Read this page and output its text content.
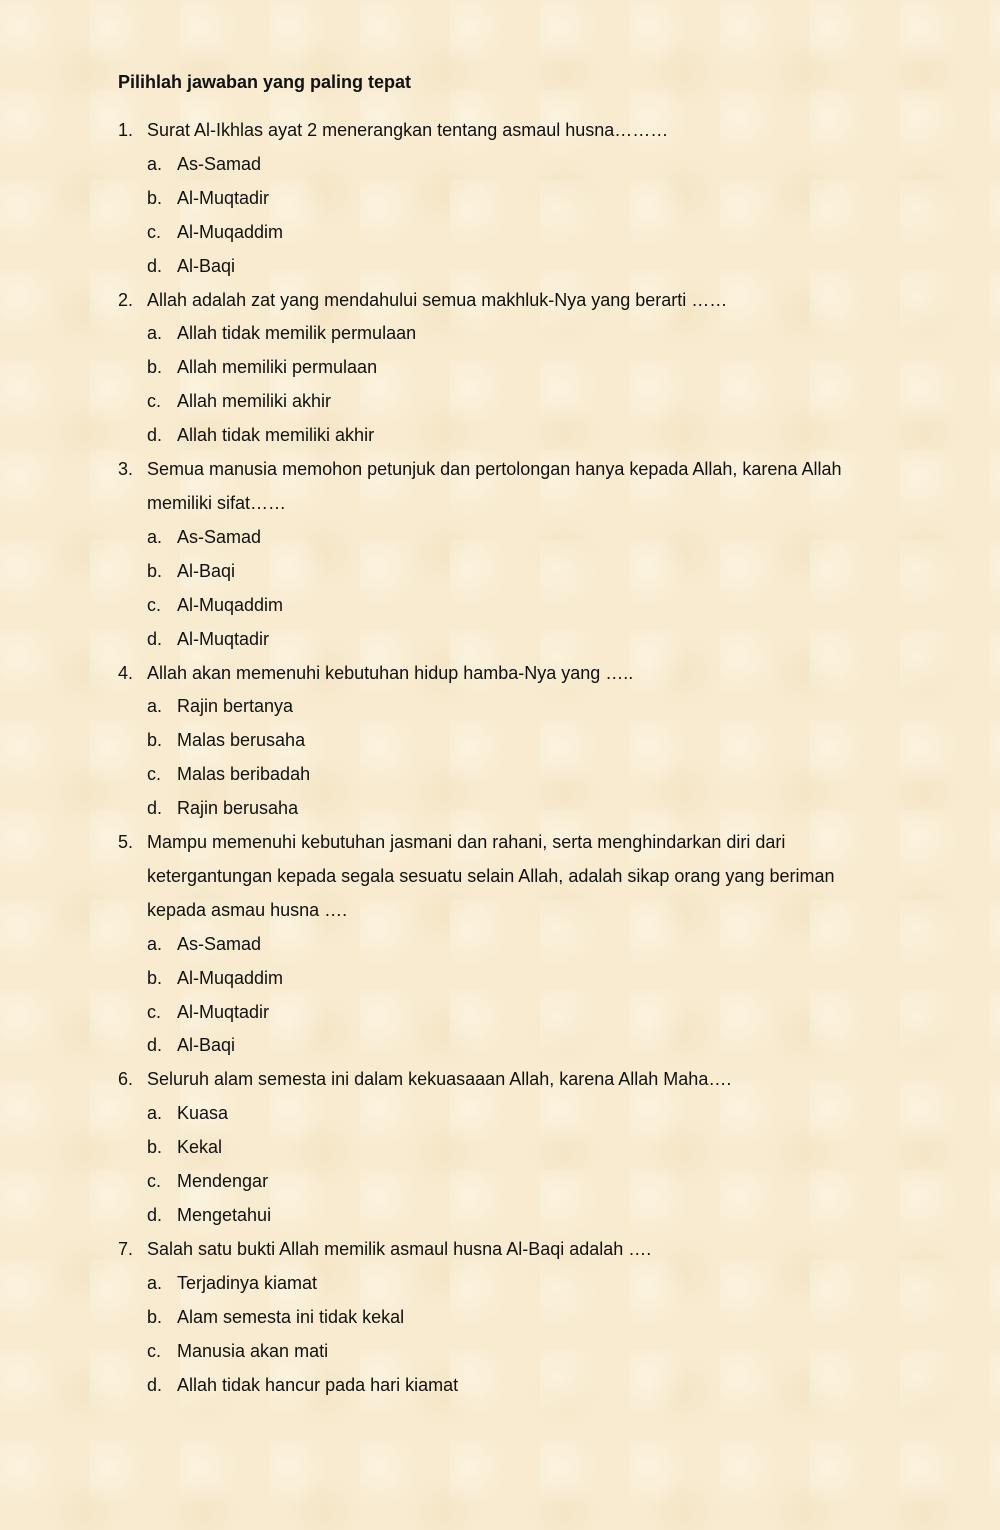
Pilihlah jawaban yang paling tepat
1. Surat Al-Ikhlas ayat 2 menerangkan tentang asmaul husna………
a. As-Samad
b. Al-Muqtadir
c. Al-Muqaddim
d. Al-Baqi
2. Allah adalah zat yang mendahului semua makhluk-Nya yang berarti ……
a. Allah tidak memilik permulaan
b. Allah memiliki permulaan
c. Allah memiliki akhir
d. Allah tidak memiliki akhir
3. Semua manusia memohon petunjuk dan pertolongan hanya kepada Allah, karena Allah memiliki sifat……
a. As-Samad
b. Al-Baqi
c. Al-Muqaddim
d. Al-Muqtadir
4. Allah akan memenuhi kebutuhan hidup hamba-Nya yang …..
a. Rajin bertanya
b. Malas berusaha
c. Malas beribadah
d. Rajin berusaha
5. Mampu memenuhi kebutuhan jasmani dan rahani, serta menghindarkan diri dari ketergantungan kepada segala sesuatu selain Allah, adalah sikap orang yang beriman kepada asmau husna ….
a. As-Samad
b. Al-Muqaddim
c. Al-Muqtadir
d. Al-Baqi
6. Seluruh alam semesta ini dalam kekuasaaan Allah, karena Allah Maha….
a. Kuasa
b. Kekal
c. Mendengar
d. Mengetahui
7. Salah satu bukti Allah memilik asmaul husna Al-Baqi adalah ….
a. Terjadinya kiamat
b. Alam semesta ini tidak kekal
c. Manusia akan mati
d. Allah tidak hancur pada hari kiamat
